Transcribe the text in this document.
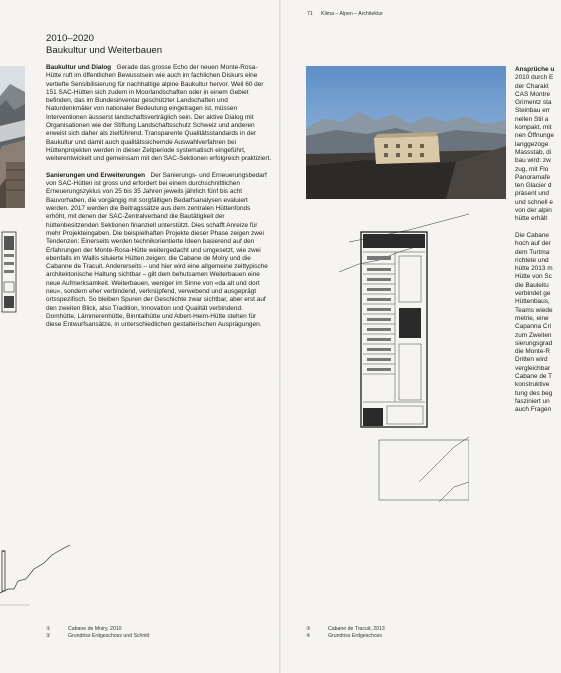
2010–2020
Baukultur und Weiterbauen

Baukultur und Dialog Gerade das grosse Echo der neuen Monte-Rosa-Hütte ruft im öffentlichen Bewusstsein wie auch im fachlichen Diskurs eine vertiefte Sensibilisierung für nachhaltige alpine Baukultur hervor. Weil 60 der 151 SAC-Hütten sich zudem in Moorlandschaften oder in einem Gebiet befinden, das im Bundesinventar geschützter Landschaften und Naturdenkmäler von nationaler Bedeutung eingetragen ist, müssen Interventionen äusserst landschaftsverträglich sein. Der aktive Dialog mit Organisationen wie der Stiftung Landschaftsschutz Schweiz und anderen erweist sich daher als zielführend. Transparente Qualitätsstandards in der Baukultur und damit auch qualitätssichernde Auswahlverfahren bei Hüttenprojekten werden in dieser Zeitperiode systematisch eingeführt, weiterentwickelt und gemeinsam mit den SAC-Sektionen erfolgreich praktiziert.

Sanierungen und Erweiterungen Der Sanierungs- und Erneuerungsbedarf von SAC-Hütten ist gross und erfordert bei einem durchschnittlichen Erneuerungszyklus von 25 bis 35 Jahren jeweils jährlich fünf bis acht Bauvorhaben, die vorgängig mit sorgfältigen Bedarfsanalysen evaluiert werden. 2017 werden die Beitragssätze aus dem zentralen Hüttenfonds erhöht, mit denen der SAC-Zentralverband die Bautätigkeit der hüttenbesitzenden Sektionen finanziell unterstützt. Dies schafft Anreize für mehr Projekteingaben. Die beispielhaften Projekte dieser Phase zeigen zwei Tendenzen: Einerseits werden technikorientierte Ideen basierend auf den Erfahrungen der Monte-Rosa-Hütte weitergedacht und umgesetzt, wie zwei ebenfalls im Wallis situierte Hütten zeigen: die Cabane de Moiry und die Cabanne de Tracuit. Andererseits – und hier wird eine allgemeine zeittypische architektonische Haltung sichtbar – gilt dem behutsamen Weiterbauen eine neue Aufmerksamkeit. Weiterbauen, weniger im Sinne von «da alt und dort neu», sondern eher verbindend, verknüpfend, verwebend und ausgeprägt ortsspezifisch. So bleiben Spuren der Geschichte zwar sichtbar, aber erst auf den zweiten Blick, also Tradition, Innovation und Qualität verbindend. Domhütte, Lämmerenhütte, Binntalhütte und Albert-Heim-Hütte stehen für diese Entwurfsansätze, in unterschiedlichen gestalterischen Ausprägungen.

①	Cabane de Moiry, 2010
②	Grundriss Erdgeschoss und Schnitt
71 Klima – Alpen – Architektur
③	Cabane de Tracuit, 2013
④	Grundriss Erdgeschoss
Ansprüche u
2010 durch E
der Charakt
CAS Montre
Grimentz sta
Steinbau err
nellen Stil a
kompakt, mit
nen Öffnunge
langgezoge
Massstab, di
bau wird: zw
zug, mit Flo
Panoramafe
ten Glacier d
präsent und
und schnell e
von der alpin
hütte erhält
Die Cabane
hoch auf der
dem Turtma
richtete und
hütte 2013 m
Hütte von Sc
die Bauleitu
verbindet ge
Hüttenbaus,
Teams wiede
metrie, eine
Capanna Cri
zum Zweiten
sierungsgrad
die Monte-R
Dritten wird
vergleichbar
Cabane de T
konstruktive
tung des beg
fasziniert un
auch Fragen
